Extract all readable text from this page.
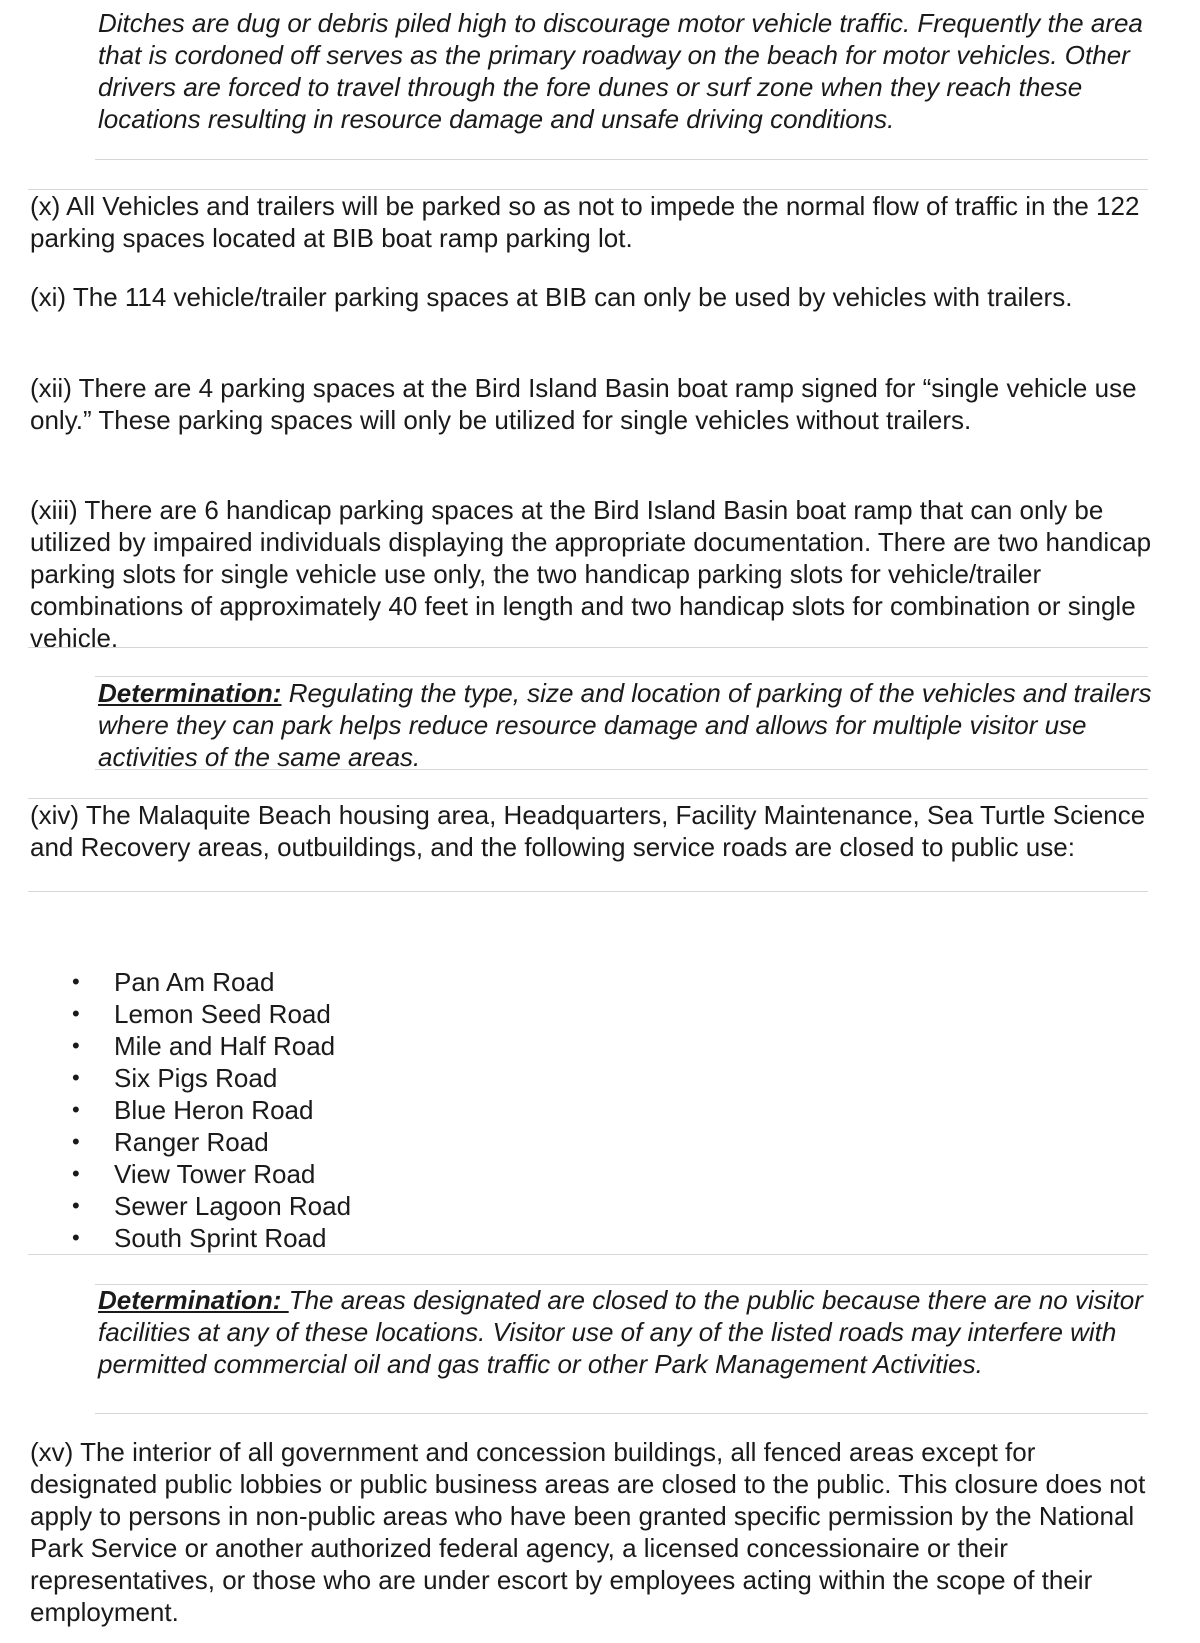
Ditches are dug or debris piled high to discourage motor vehicle traffic. Frequently the area that is cordoned off serves as the primary roadway on the beach for motor vehicles. Other drivers are forced to travel through the fore dunes or surf zone when they reach these locations resulting in resource damage and unsafe driving conditions.

(x) All Vehicles and trailers will be parked so as not to impede the normal flow of traffic in the 122 parking spaces located at BIB boat ramp parking lot.

(xi) The 114 vehicle/trailer parking spaces at BIB can only be used by vehicles with trailers.

(xii) There are 4 parking spaces at the Bird Island Basin boat ramp signed for “single vehicle use only.” These parking spaces will only be utilized for single vehicles without trailers.

(xiii) There are 6 handicap parking spaces at the Bird Island Basin boat ramp that can only be utilized by impaired individuals displaying the appropriate documentation. There are two handicap parking slots for single vehicle use only, the two handicap parking slots for vehicle/trailer combinations of approximately 40 feet in length and two handicap slots for combination or single vehicle.

Determination: Regulating the type, size and location of parking of the vehicles and trailers where they can park helps reduce resource damage and allows for multiple visitor use activities of the same areas.

(xiv) The Malaquite Beach housing area, Headquarters, Facility Maintenance, Sea Turtle Science and Recovery areas, outbuildings, and the following service roads are closed to public use:

• Pan Am Road
• Lemon Seed Road
• Mile and Half Road
• Six Pigs Road
• Blue Heron Road
• Ranger Road
• View Tower Road
• Sewer Lagoon Road
• South Sprint Road

Determination: The areas designated are closed to the public because there are no visitor facilities at any of these locations. Visitor use of any of the listed roads may interfere with permitted commercial oil and gas traffic or other Park Management Activities.

(xv) The interior of all government and concession buildings, all fenced areas except for designated public lobbies or public business areas are closed to the public. This closure does not apply to persons in non-public areas who have been granted specific permission by the National Park Service or another authorized federal agency, a licensed concessionaire or their representatives, or those who are under escort by employees acting within the scope of their employment.
